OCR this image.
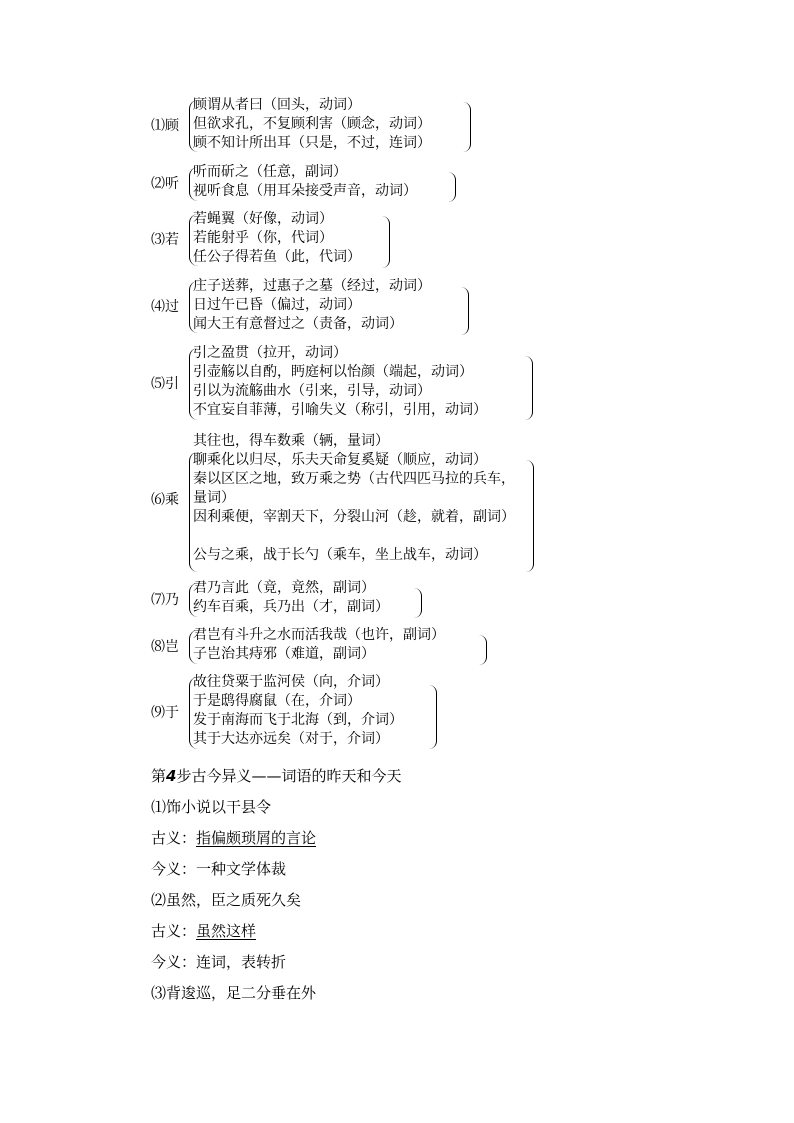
⑴顾
顾谓从者曰（回头，动词）
但欲求孔，不复顾利害（顾念，动词）
顾不知计所出耳（只是，不过，连词）
⑵听
听而斫之（任意，副词）
视听食息（用耳朵接受声音，动词）
⑶若
若蝇翼（好像，动词）
若能射乎（你，代词）
任公子得若鱼（此，代词）
⑷过
庄子送葬，过惠子之墓（经过，动词）
日过午已昏（偏过，动词）
闻大王有意督过之（责备，动词）
⑸引
引之盈贯（拉开，动词）
引壶觞以自酌，眄庭柯以怡颜（端起，动词）
引以为流觞曲水（引来，引导，动词）
不宜妄自菲薄，引喻失义（称引，引用，动词）
⑹乘
其往也，得车数乘（辆，量词）
聊乘化以归尽，乐夫天命复奚疑（顺应，动词）
秦以区区之地，致万乘之势（古代四匹马拉的兵车，量词）
因利乘便，宰割天下，分裂山河（趁，就着，副词）
公与之乘，战于长勺（乘车，坐上战车，动词）
⑺乃
君乃言此（竟，竟然，副词）
约车百乘，兵乃出（才，副词）
⑻岂
君岂有斗升之水而活我哉（也许，副词）
子岂治其痔邪（难道，副词）
⑼于
故往贷粟于监河侯（向，介词）
于是鸱得腐鼠（在，介词）
发于南海而飞于北海（到，介词）
其于大达亦远矣（对于，介词）
第4步古今异义——词语的昨天和今天
⑴饰小说以干县令
古义：指偏颇琐屑的言论
今义：一种文学体裁
⑵虽然，臣之质死久矣
古义：虽然这样
今义：连词，表转折
⑶背逡巡，足二分垂在外
